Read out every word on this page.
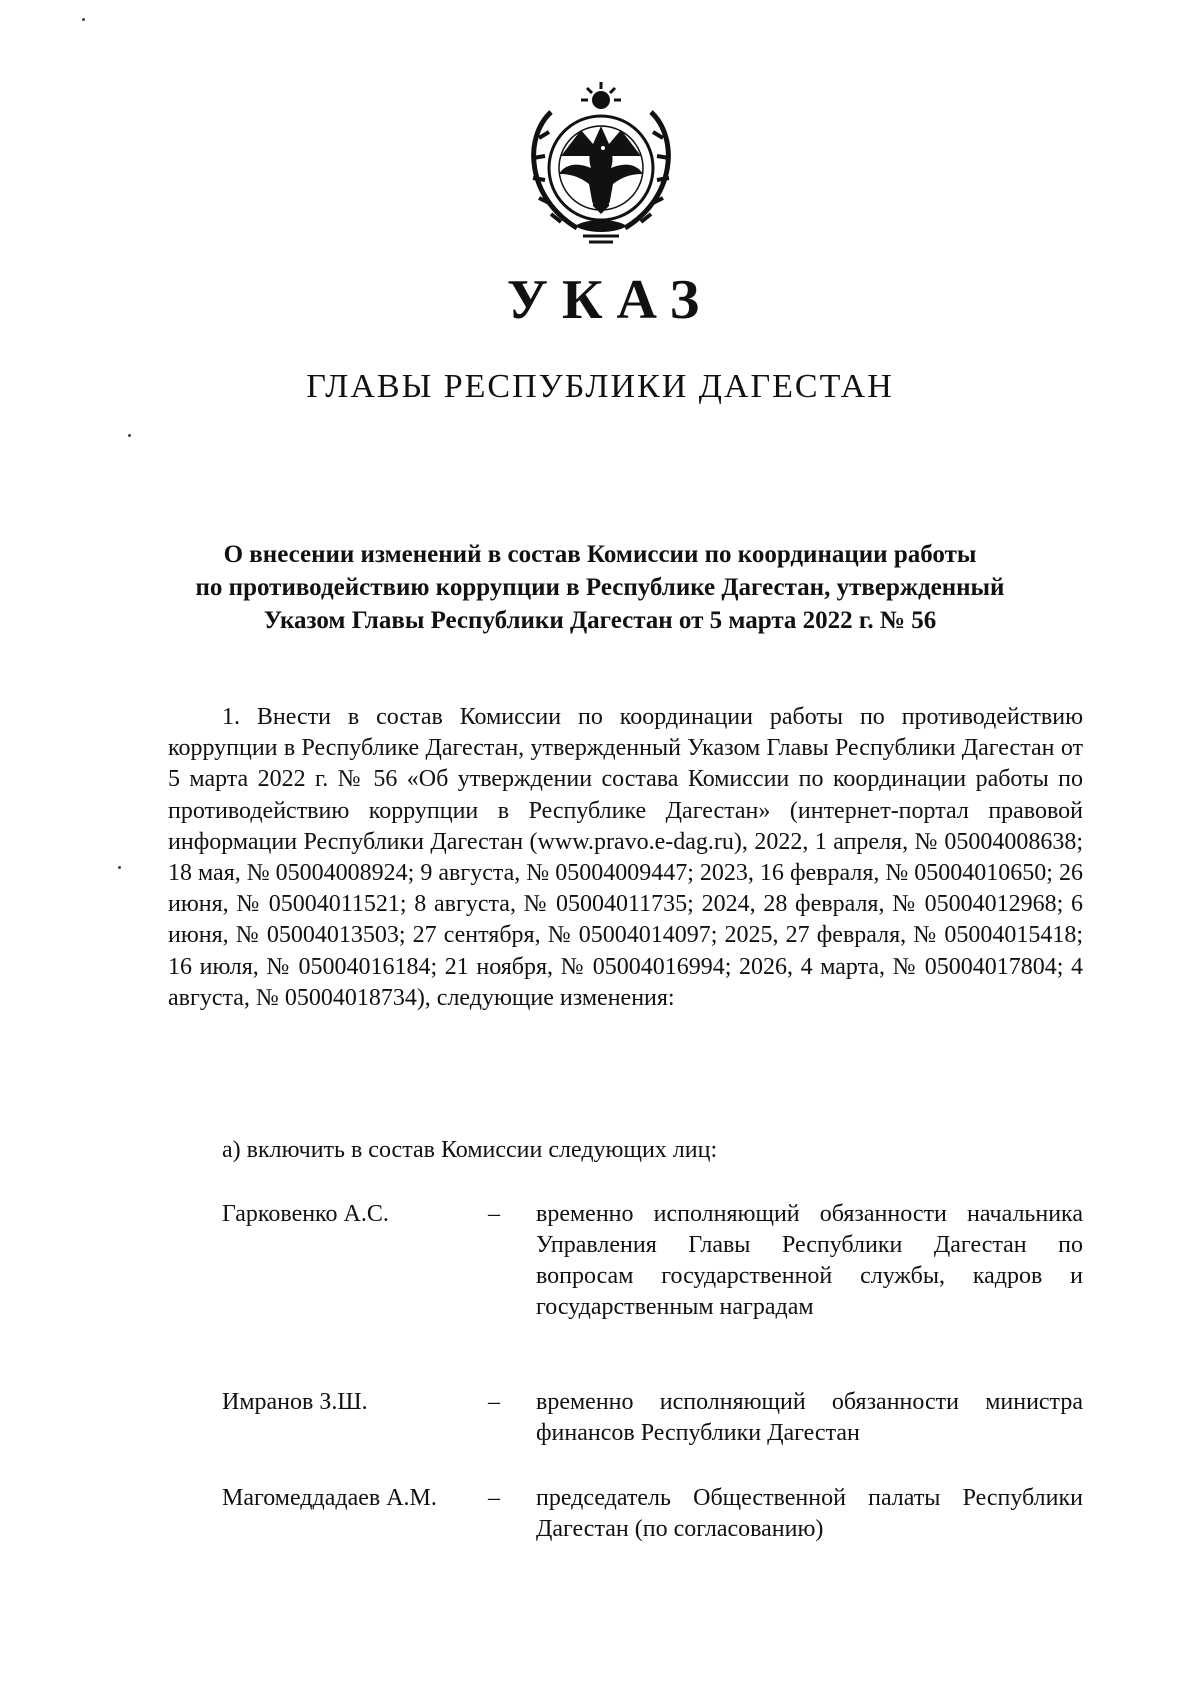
УКАЗ
ГЛАВЫ РЕСПУБЛИКИ ДАГЕСТАН
О внесении изменений в состав Комиссии по координации работы
по противодействию коррупции в Республике Дагестан, утвержденный
Указом Главы Республики Дагестан от 5 марта 2022 г. № 56

1. Внести в состав Комиссии по координации работы по противодействию коррупции в Республике Дагестан, утвержденный Указом Главы Республики Дагестан от 5 марта 2022 г. № 56 «Об утверждении состава Комиссии по координации работы по противодействию коррупции в Республике Дагестан» (интернет-портал правовой информации Республики Дагестан (www.pravo.e-dag.ru), 2022, 1 апреля, № 05004008638; 18 мая, № 05004008924; 9 августа, № 05004009447; 2023, 16 февраля, № 05004010650; 26 июня, № 05004011521; 8 августа, № 05004011735; 2024, 28 февраля, № 05004012968; 6 июня, № 05004013503; 27 сентября, № 05004014097; 2025, 27 февраля, № 05004015418; 16 июля, № 05004016184; 21 ноября, № 05004016994; 2026, 4 марта, № 05004017804; 4 августа, № 05004018734), следующие изменения:

а) включить в состав Комиссии следующих лиц:

Гарковенко А.С.	– временно исполняющий обязанности начальника Управления Главы Республики Дагестан по вопросам государственной службы, кадров и государственным наградам
Имранов З.Ш.	– временно исполняющий обязанности министра финансов Республики Дагестан
Магомеддадаев А.М. – председатель Общественной палаты Республики Дагестан (по согласованию)
